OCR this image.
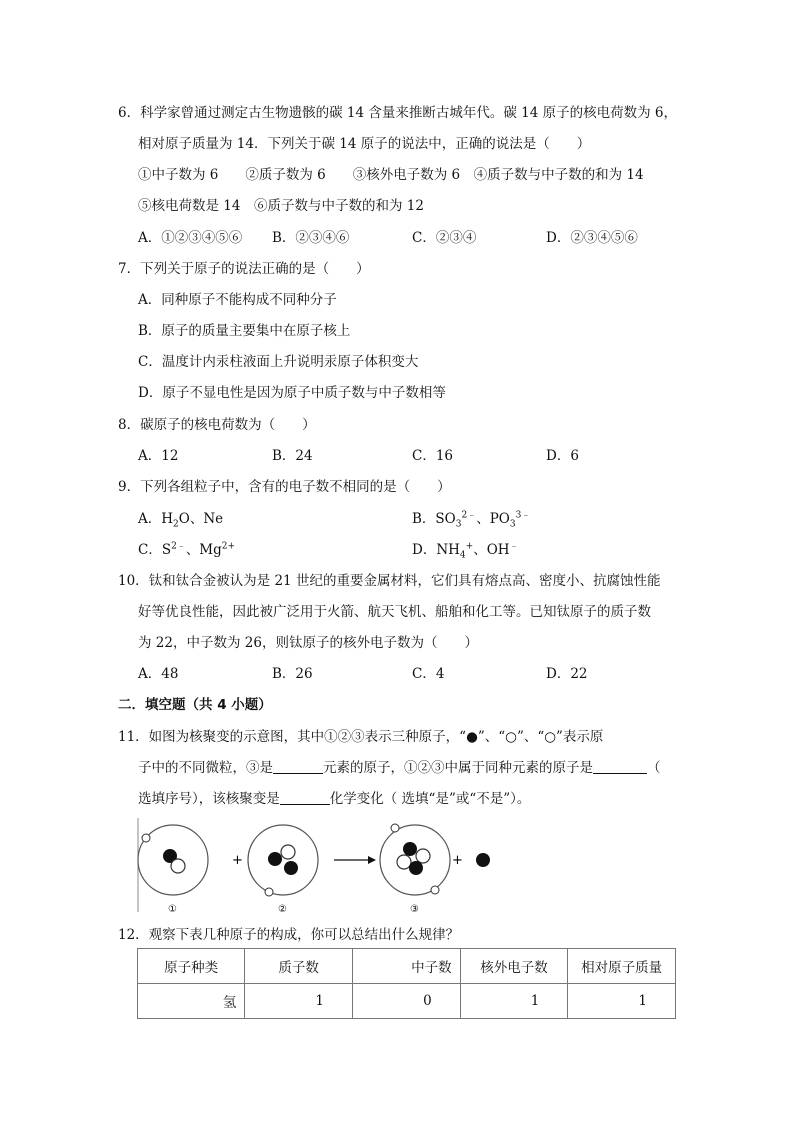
6．科学家曾通过测定古生物遗骸的碳 14 含量来推断古城年代。碳 14 原子的核电荷数为 6，
相对原子质量为 14．下列关于碳 14 原子的说法中，正确的说法是（　　）
①中子数为 6　　②质子数为 6　　③核外电子数为 6　④质子数与中子数的和为 14
⑤核电荷数是 14　⑥质子数与中子数的和为 12
A．①②③④⑤⑥ B．②③④⑥	C．②③④	D．②③④⑤⑥
7．下列关于原子的说法正确的是（　　）
A．同种原子不能构成不同种分子
B．原子的质量主要集中在原子核上
C．温度计内汞柱液面上升说明汞原子体积变大
D．原子不显电性是因为原子中质子数与中子数相等
8．碳原子的核电荷数为（　　）
A．12	B．24	C．16	D．6
9．下列各组粒子中，含有的电子数不相同的是（　　）
A．$H_2O$、Ne	B．$SO_3^{2﹣}$、$PO_3^{3﹣}$
C．$S^{2﹣}$、$Mg^{2+}$	D．$NH_4^+$、OH﹣
10．钛和钛合金被认为是 21 世纪的重要金属材料，它们具有熔点高、密度小、抗腐蚀性能
好等优良性能，因此被广泛用于火箭、航天飞机、船舶和化工等。已知钛原子的质子数
为 22，中子数为 26，则钛原子的核外电子数为（　　）
A．48	B．26	C．4	D．22
二．填空题（共 4 小题）
11．如图为核聚变的示意图，其中①②③表示三种原子，“●”、“○”、“○”表示原
子中的不同微粒，③是	元素的原子，①②③中属于同种元素的原子是	（
选填序号），该核聚变是	化学变化（ 选填“是”或“不是”）。
+	+
①	②	③
12．观察下表几种原子的构成，你可以总结出什么规律？
原子种类	质子数	中子数	核外电子数	相对原子质量
氢	1	0	1	1
